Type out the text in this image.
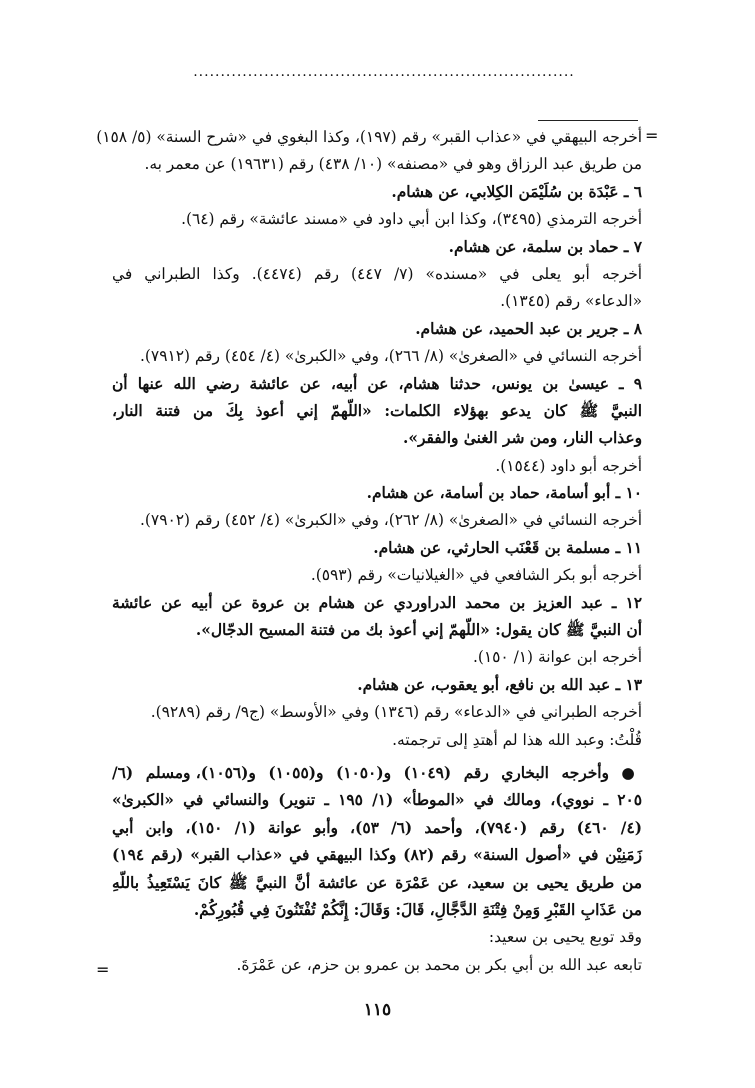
......................................................................
=
=
أخرجه البيهقي في «عذاب القبر» رقم (١٩٧)، وكذا البغوي في «شرح السنة» (٥/ ١٥٨)
من طريق عبد الرزاق وهو في «مصنفه» (١٠/ ٤٣٨) رقم (١٩٦٣١) عن معمر به.
٦ ـ عَبْدَة بن سُلَيْمَن الكِلابي، عن هشام.
أخرجه الترمذي (٣٤٩٥)، وكذا ابن أبي داود في «مسند عائشة» رقم (٦٤).
٧ ـ حماد بن سلمة، عن هشام.
أخرجه أبو يعلى في «مسنده» (٧/ ٤٤٧) رقم (٤٤٧٤). وكذا الطبراني في
«الدعاء» رقم (١٣٤٥).
٨ ـ جرير بن عبد الحميد، عن هشام.
أخرجه النسائي في «الصغرىٰ» (٨/ ٢٦٦)، وفي «الكبرىٰ» (٤/ ٤٥٤) رقم (٧٩١٢).
٩ ـ عيسىٰ بن يونس، حدثنا هشام، عن أبيه، عن عائشة رضي الله عنها أن
النبيَّ ﷺ كان يدعو بهؤلاء الكلمات: «اللّهمّ إني أعوذ بِكَ من فتنة النار،
وعذاب النار، ومن شر الغنىٰ والفقر».
أخرجه أبو داود (١٥٤٤).
١٠ ـ أبو أسامة، حماد بن أسامة، عن هشام.
أخرجه النسائي في «الصغرىٰ» (٨/ ٢٦٢)، وفي «الكبرىٰ» (٤/ ٤٥٢) رقم (٧٩٠٢).
١١ ـ مسلمة بن قَعْنَب الحارثي، عن هشام.
أخرجه أبو بكر الشافعي في «الغيلانيات» رقم (٥٩٣).
١٢ ـ عبد العزيز بن محمد الدراوردي عن هشام بن عروة عن أبيه عن عائشة
أن النبيَّ ﷺ كان يقول: «اللّهمّ إني أعوذ بك من فتنة المسيح الدجّال».
أخرجه ابن عوانة (١/ ١٥٠).
١٣ ـ عبد الله بن نافع، أبو يعقوب، عن هشام.
أخرجه الطبراني في «الدعاء» رقم (١٣٤٦) وفي «الأوسط» (ج٩/ رقم (٩٢٨٩).
قُلْتُ: وعبد الله هذا لم أهتدِ إلى ترجمته.
● وأخرجه البخاري رقم (١٠٤٩) و(١٠٥٠) و(١٠٥٥) و(١٠٥٦)، ومسلم (٦/
٢٠٥ ـ نووي)، ومالك في «الموطأ» (١/ ١٩٥ ـ تنوير) والنسائي في «الكبرىٰ»
(٤/ ٤٦٠) رقم (٧٩٤٠)، وأحمد (٦/ ٥٣)، وأبو عوانة (١/ ١٥٠)، وابن أبي
زَمَنِيْن في «أصول السنة» رقم (٨٢) وكذا البيهقي في «عذاب القبر» (رقم ١٩٤)
من طريق يحيى بن سعيد، عن عَمْرَة عن عائشة أنَّ النبيَّ ﷺ كانَ يَسْتَعِيذُ باللّهِ
من عَذَابِ القَبْرِ وَمِنْ فِتْنَةِ الدَّجَّالِ، قَالَ: وَقَالَ: إِنَّكُمْ تُفْتَنُونَ فِي قُبُورِكُمْ.
وقد توبع يحيى بن سعيد:
تابعه عبد الله بن أبي بكر بن محمد بن عمرو بن حزم، عن عَمْرَةَ.
١١٥
